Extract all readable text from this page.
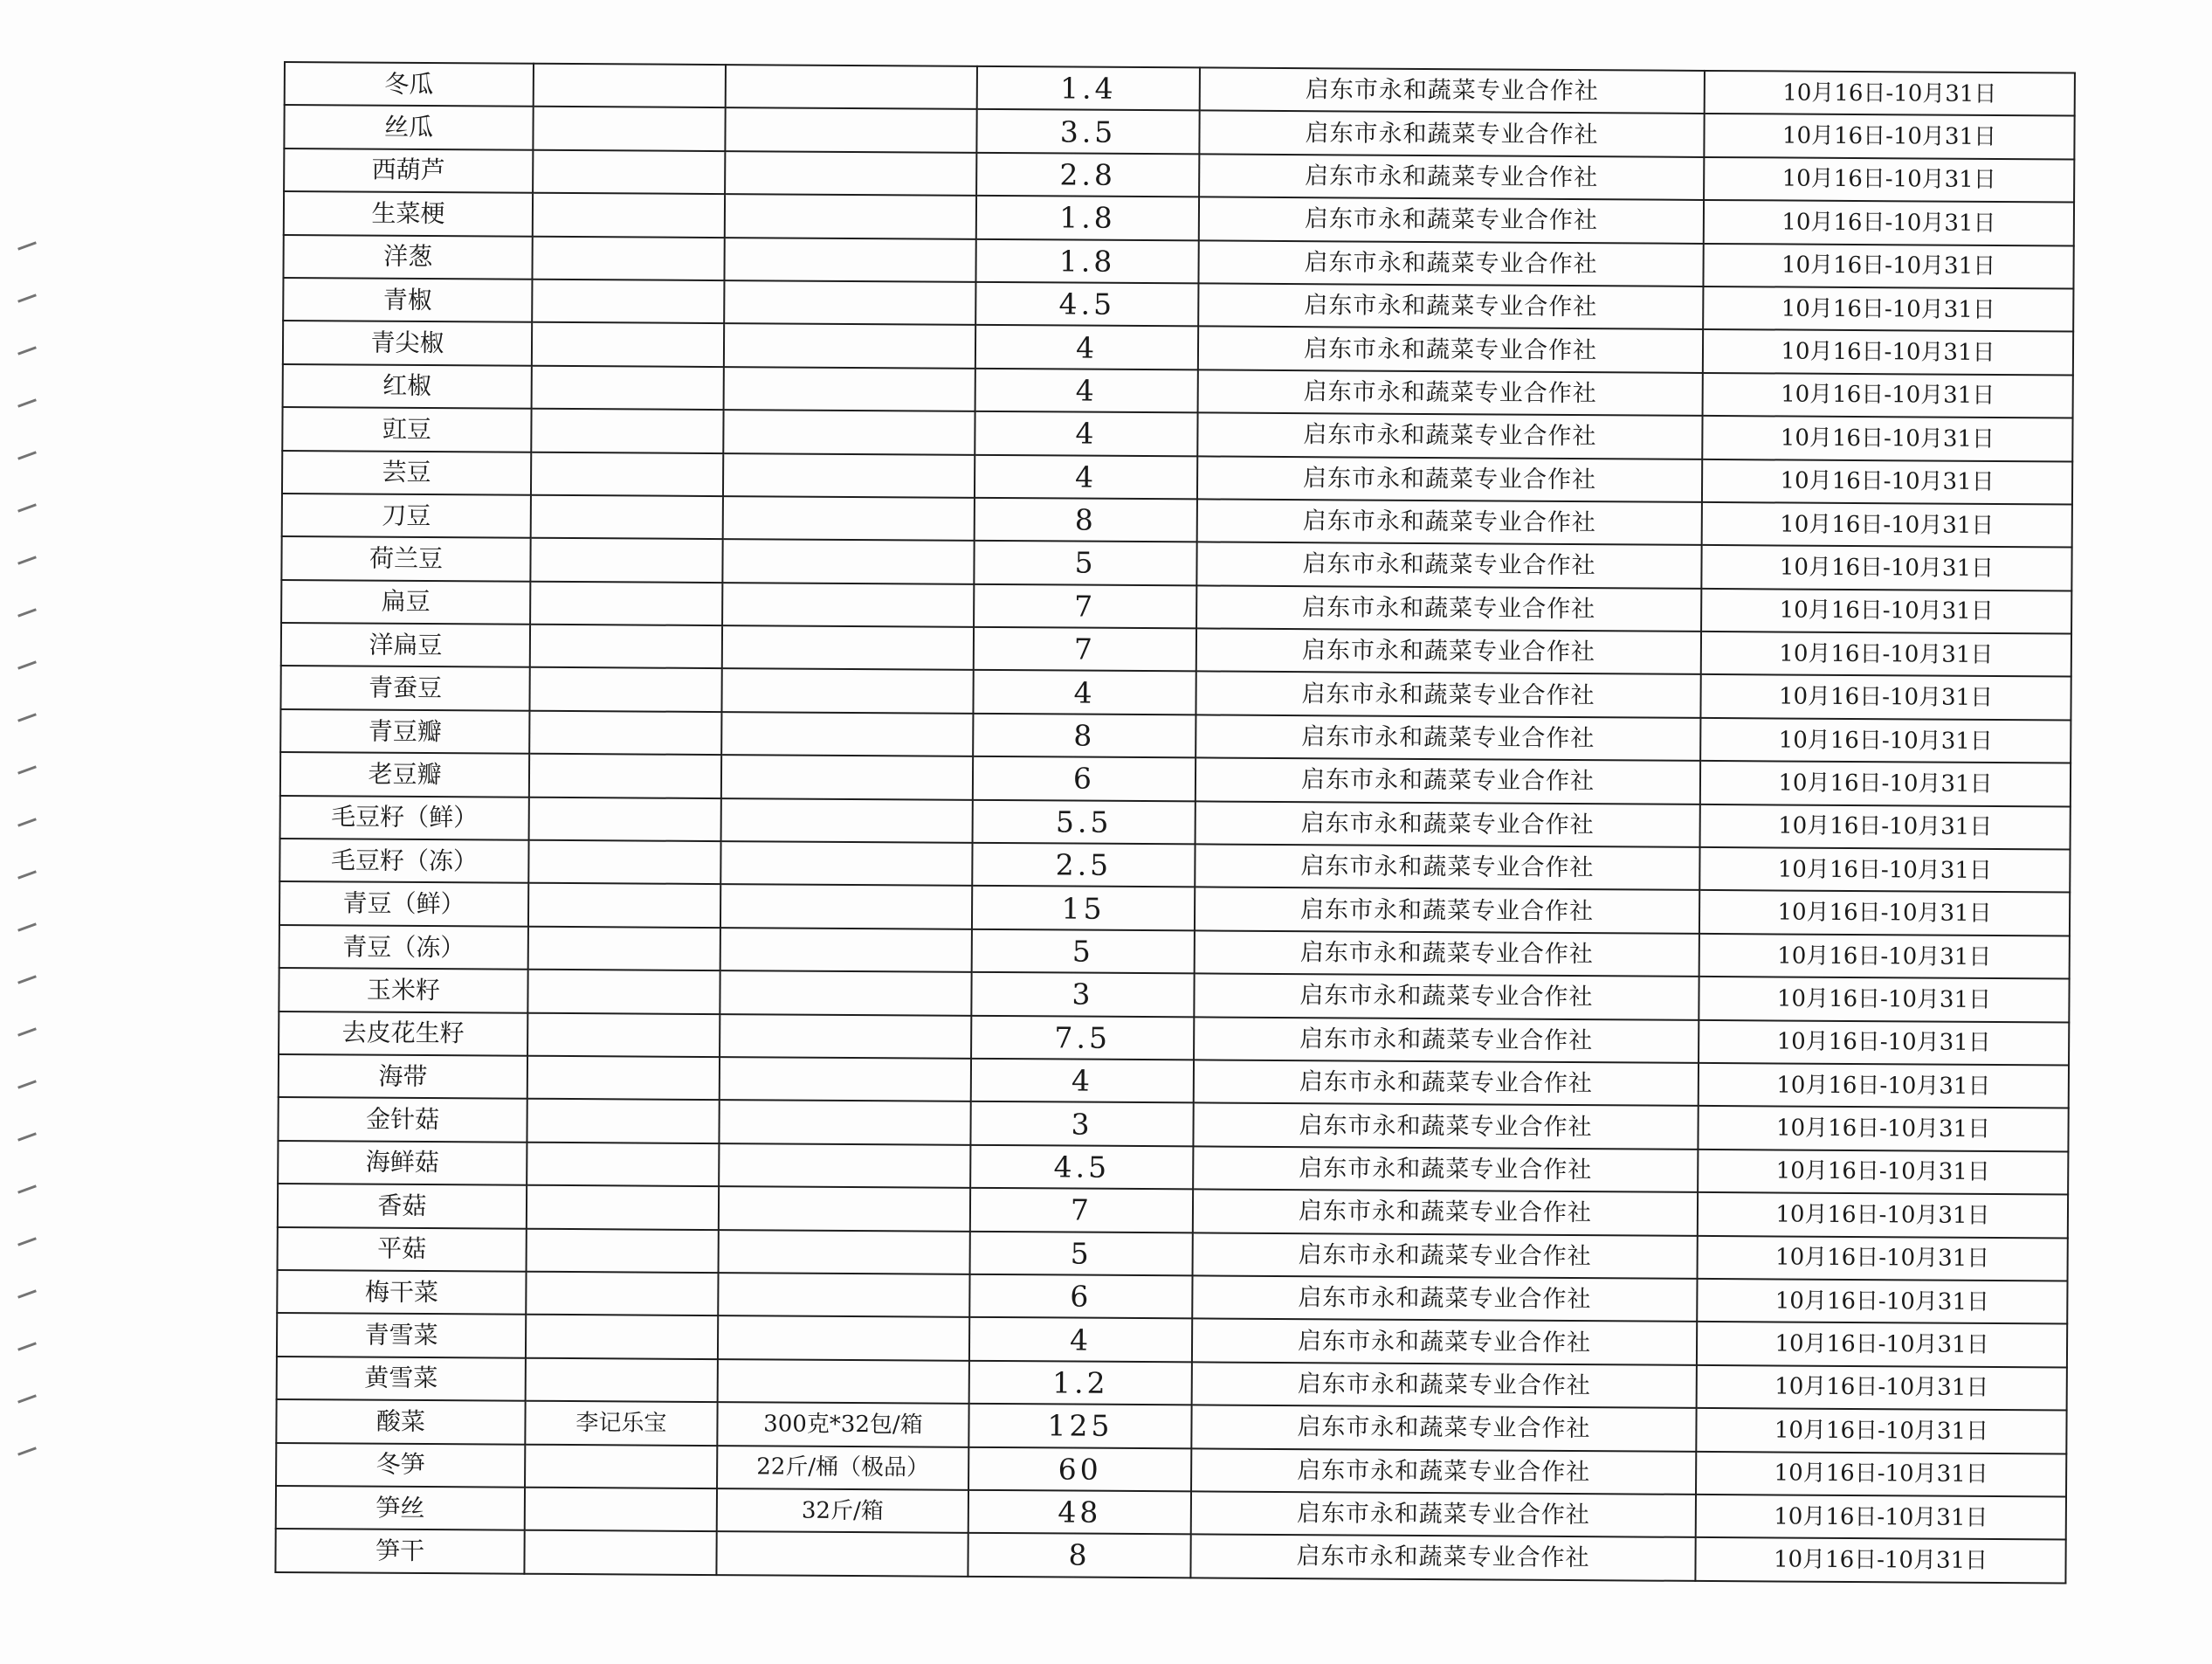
冬瓜			1.4	启东市永和蔬菜专业合作社	10月16日-10月31日
丝瓜			3.5	启东市永和蔬菜专业合作社	10月16日-10月31日
西葫芦			2.8	启东市永和蔬菜专业合作社	10月16日-10月31日
生菜梗			1.8	启东市永和蔬菜专业合作社	10月16日-10月31日
洋葱			1.8	启东市永和蔬菜专业合作社	10月16日-10月31日
青椒			4.5	启东市永和蔬菜专业合作社	10月16日-10月31日
青尖椒			4	启东市永和蔬菜专业合作社	10月16日-10月31日
红椒			4	启东市永和蔬菜专业合作社	10月16日-10月31日
豇豆			4	启东市永和蔬菜专业合作社	10月16日-10月31日
芸豆			4	启东市永和蔬菜专业合作社	10月16日-10月31日
刀豆			8	启东市永和蔬菜专业合作社	10月16日-10月31日
荷兰豆			5	启东市永和蔬菜专业合作社	10月16日-10月31日
扁豆			7	启东市永和蔬菜专业合作社	10月16日-10月31日
洋扁豆			7	启东市永和蔬菜专业合作社	10月16日-10月31日
青蚕豆			4	启东市永和蔬菜专业合作社	10月16日-10月31日
青豆瓣			8	启东市永和蔬菜专业合作社	10月16日-10月31日
老豆瓣			6	启东市永和蔬菜专业合作社	10月16日-10月31日
毛豆籽（鲜）			5.5	启东市永和蔬菜专业合作社	10月16日-10月31日
毛豆籽（冻）			2.5	启东市永和蔬菜专业合作社	10月16日-10月31日
青豆（鲜）			15	启东市永和蔬菜专业合作社	10月16日-10月31日
青豆（冻）			5	启东市永和蔬菜专业合作社	10月16日-10月31日
玉米籽			3	启东市永和蔬菜专业合作社	10月16日-10月31日
去皮花生籽			7.5	启东市永和蔬菜专业合作社	10月16日-10月31日
海带			4	启东市永和蔬菜专业合作社	10月16日-10月31日
金针菇			3	启东市永和蔬菜专业合作社	10月16日-10月31日
海鲜菇			4.5	启东市永和蔬菜专业合作社	10月16日-10月31日
香菇			7	启东市永和蔬菜专业合作社	10月16日-10月31日
平菇			5	启东市永和蔬菜专业合作社	10月16日-10月31日
梅干菜			6	启东市永和蔬菜专业合作社	10月16日-10月31日
青雪菜			4	启东市永和蔬菜专业合作社	10月16日-10月31日
黄雪菜			1.2	启东市永和蔬菜专业合作社	10月16日-10月31日
酸菜	李记乐宝	300克*32包/箱	125	启东市永和蔬菜专业合作社	10月16日-10月31日
冬笋		22斤/桶（极品）	60	启东市永和蔬菜专业合作社	10月16日-10月31日
笋丝		32斤/箱	48	启东市永和蔬菜专业合作社	10月16日-10月31日
笋干			8	启东市永和蔬菜专业合作社	10月16日-10月31日
